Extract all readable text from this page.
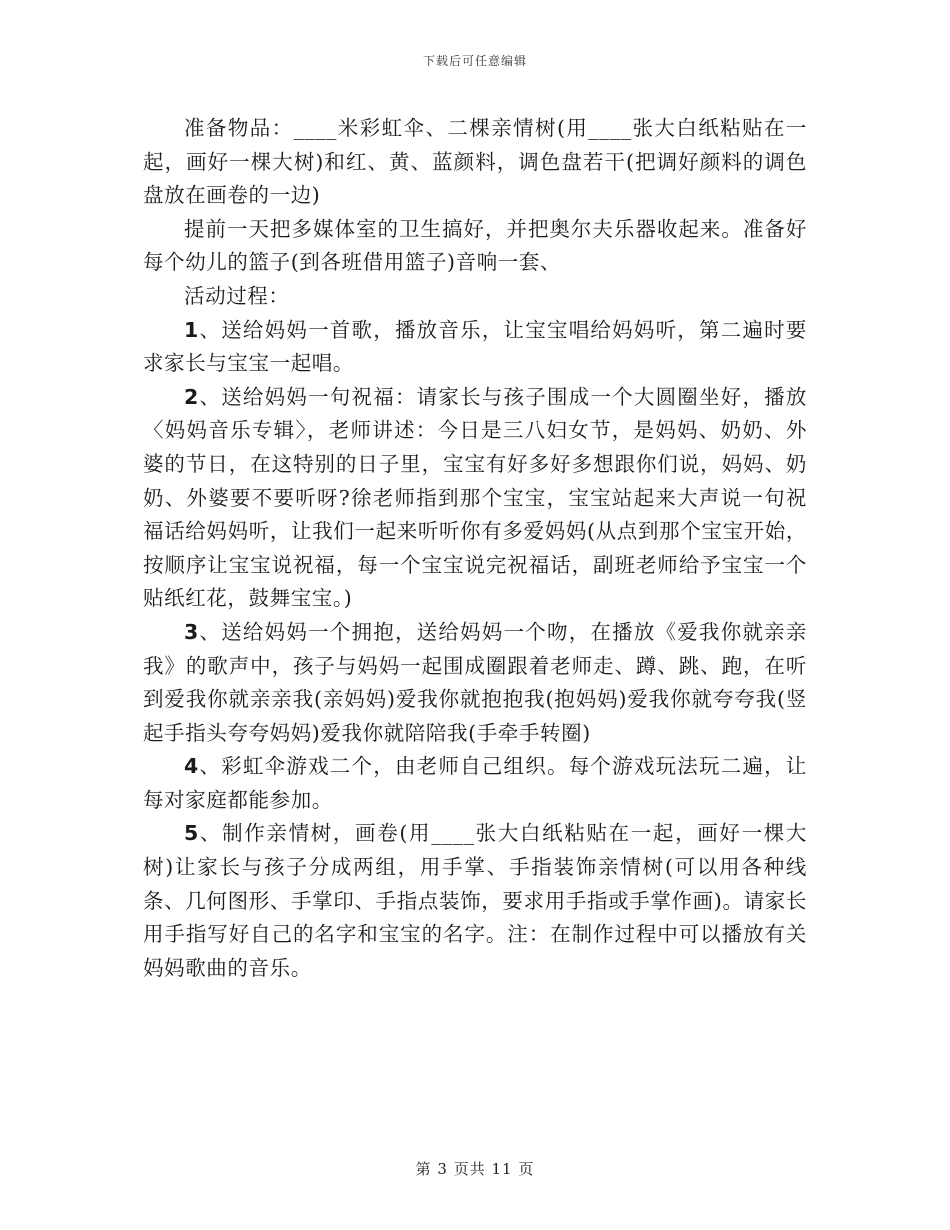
下载后可任意编辑

准备物品：____米彩虹伞、二棵亲情树(用____张大白纸粘贴在一起，画好一棵大树)和红、黄、蓝颜料，调色盘若干(把调好颜料的调色盘放在画卷的一边)

提前一天把多媒体室的卫生搞好，并把奥尔夫乐器收起来。准备好每个幼儿的篮子(到各班借用篮子)音响一套、

活动过程：

1、送给妈妈一首歌，播放音乐，让宝宝唱给妈妈听，第二遍时要求家长与宝宝一起唱。

2、送给妈妈一句祝福：请家长与孩子围成一个大圆圈坐好，播放〈妈妈音乐专辑〉，老师讲述：今日是三八妇女节，是妈妈、奶奶、外婆的节日，在这特别的日子里，宝宝有好多好多想跟你们说，妈妈、奶奶、外婆要不要听呀?徐老师指到那个宝宝，宝宝站起来大声说一句祝福话给妈妈听，让我们一起来听听你有多爱妈妈(从点到那个宝宝开始，按顺序让宝宝说祝福，每一个宝宝说完祝福话，副班老师给予宝宝一个贴纸红花，鼓舞宝宝。)

3、送给妈妈一个拥抱，送给妈妈一个吻，在播放《爱我你就亲亲我》的歌声中，孩子与妈妈一起围成圈跟着老师走、蹲、跳、跑，在听到爱我你就亲亲我(亲妈妈)爱我你就抱抱我(抱妈妈)爱我你就夸夸我(竖起手指头夸夸妈妈)爱我你就陪陪我(手牵手转圈)

4、彩虹伞游戏二个，由老师自己组织。每个游戏玩法玩二遍，让每对家庭都能参加。

5、制作亲情树，画卷(用____张大白纸粘贴在一起，画好一棵大树)让家长与孩子分成两组，用手掌、手指装饰亲情树(可以用各种线条、几何图形、手掌印、手指点装饰，要求用手指或手掌作画)。请家长用手指写好自己的名字和宝宝的名字。注：在制作过程中可以播放有关妈妈歌曲的音乐。

第 3 页共 11 页
